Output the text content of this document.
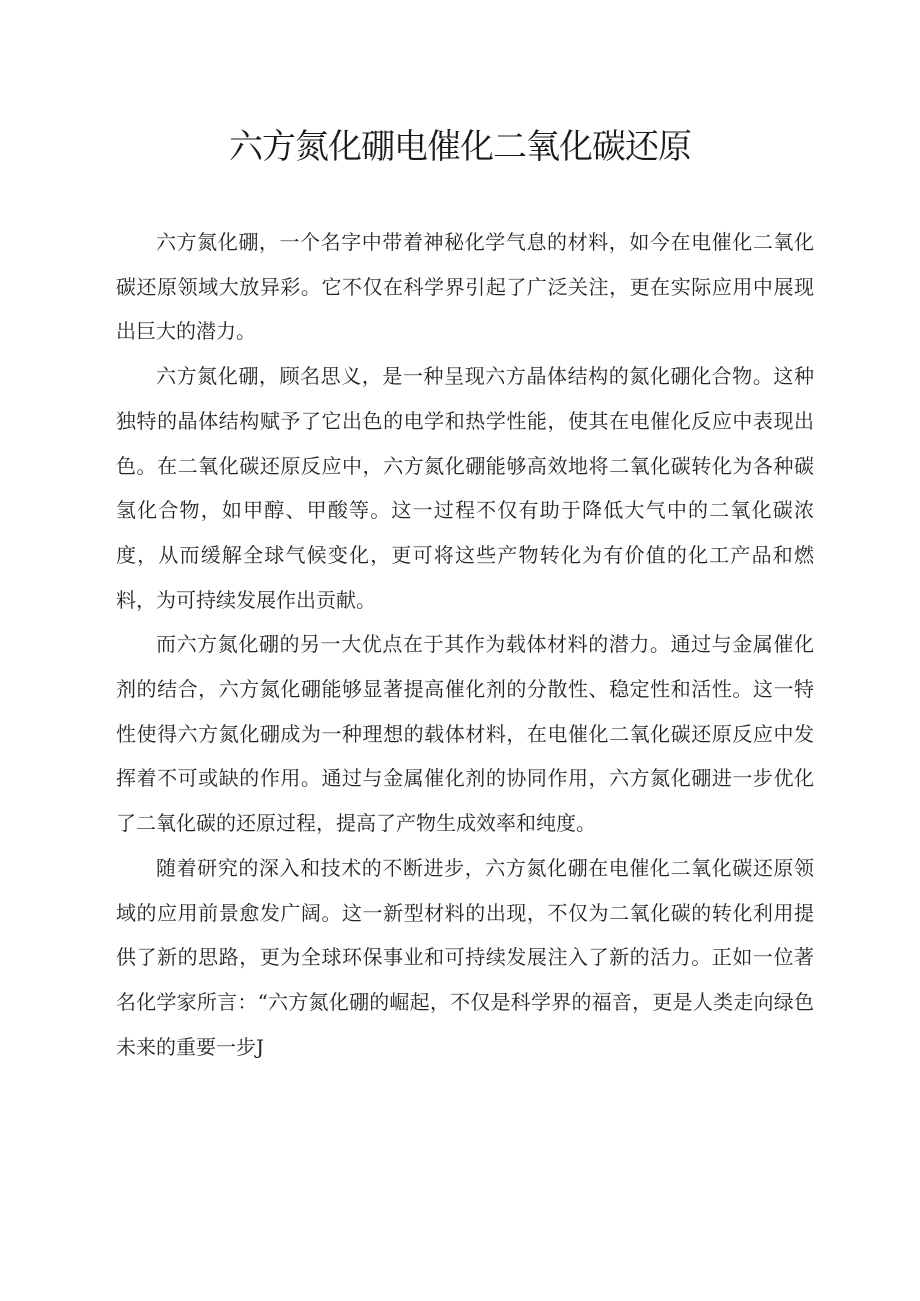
六方氮化硼电催化二氧化碳还原

六方氮化硼，一个名字中带着神秘化学气息的材料，如今在电催化二氧化碳还原领域大放异彩。它不仅在科学界引起了广泛关注，更在实际应用中展现出巨大的潜力。

六方氮化硼，顾名思义，是一种呈现六方晶体结构的氮化硼化合物。这种独特的晶体结构赋予了它出色的电学和热学性能，使其在电催化反应中表现出色。在二氧化碳还原反应中，六方氮化硼能够高效地将二氧化碳转化为各种碳氢化合物，如甲醇、甲酸等。这一过程不仅有助于降低大气中的二氧化碳浓度，从而缓解全球气候变化，更可将这些产物转化为有价值的化工产品和燃料，为可持续发展作出贡献。

而六方氮化硼的另一大优点在于其作为载体材料的潜力。通过与金属催化剂的结合，六方氮化硼能够显著提高催化剂的分散性、稳定性和活性。这一特性使得六方氮化硼成为一种理想的载体材料，在电催化二氧化碳还原反应中发挥着不可或缺的作用。通过与金属催化剂的协同作用，六方氮化硼进一步优化了二氧化碳的还原过程，提高了产物生成效率和纯度。

随着研究的深入和技术的不断进步，六方氮化硼在电催化二氧化碳还原领域的应用前景愈发广阔。这一新型材料的出现，不仅为二氧化碳的转化利用提供了新的思路，更为全球环保事业和可持续发展注入了新的活力。正如一位著名化学家所言：“六方氮化硼的崛起，不仅是科学界的福音，更是人类走向绿色未来的重要一步J
